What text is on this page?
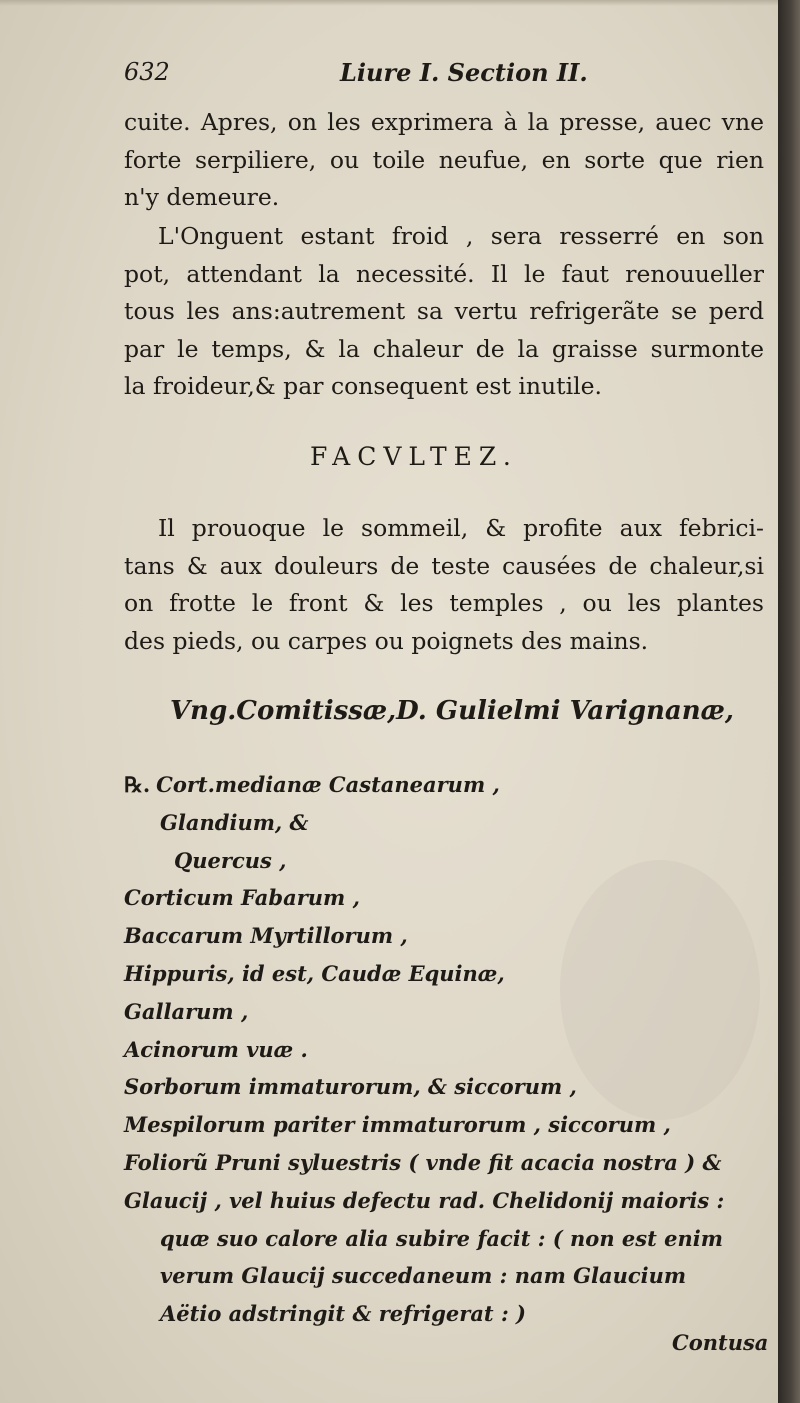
632	Liure I. Section II.
cuite. Apres, on les exprimera à la presse, auec vne
forte serpiliere, ou toile neufue, en sorte que rien
n'y demeure.
L'Onguent estant froid , sera resserré en son
pot, attendant la necessité. Il le faut renouueller
tous les ans:autrement sa vertu refrigerãte se perd
par le temps, & la chaleur de la graisse surmonte
la froideur,& par consequent est inutile.
FACVLTEZ.
Il prouoque le sommeil, & profite aux febrici-
tans & aux douleurs de teste causées de chaleur,si
on frotte le front & les temples , ou les plantes
des pieds, ou carpes ou poignets des mains.
Vng.Comitissæ,D. Gulielmi Varignanæ,
℞. Cort.medianæ Castanearum ,
Glandium, &
Quercus ,
Corticum Fabarum ,
Baccarum Myrtillorum ,
Hippuris, id est, Caudæ Equinæ,
Gallarum ,
Acinorum vuæ .
Sorborum immaturorum, & siccorum ,
Mespilorum pariter immaturorum , siccorum ,
Foliorũ Pruni syluestris ( vnde fit acacia nostra ) &
Glaucij , vel huius defectu rad. Chelidonij maioris :
quæ suo calore alia subire facit : ( non est enim
verum Glaucij succedaneum : nam Glaucium
Aëtio adstringit & refrigerat : )
Contusa
